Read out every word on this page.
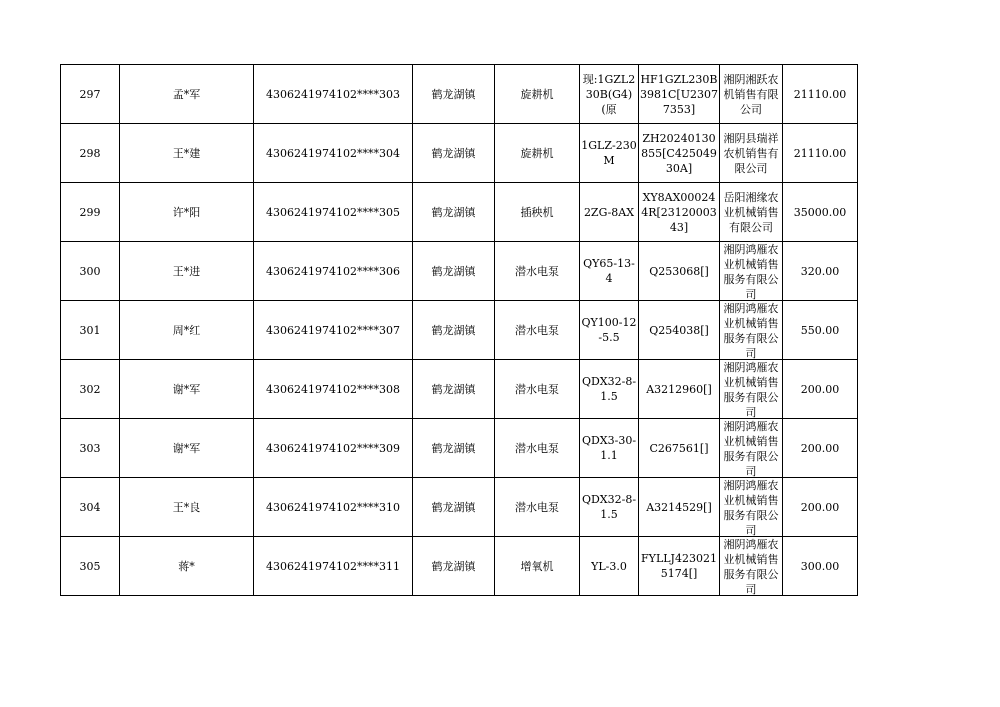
297	孟*军	4306241974102****303	鹤龙湖镇	旋耕机	现:1GZL230B(G4)(原	HF1GZL230B3981C[U23077353]	湘阴湘跃农机销售有限公司	21110.00
298	王*建	4306241974102****304	鹤龙湖镇	旋耕机	1GLZ-230M	ZH20240130855[C42504930A]	湘阴县瑞祥农机销售有限公司	21110.00
299	许*阳	4306241974102****305	鹤龙湖镇	插秧机	2ZG-8AX	XY8AX000244R[2312000343]	岳阳湘缘农业机械销售有限公司	35000.00
300	王*进	4306241974102****306	鹤龙湖镇	潜水电泵	QY65-13-4	Q253068[]	湘阴鸿雁农业机械销售服务有限公司	320.00
301	周*红	4306241974102****307	鹤龙湖镇	潜水电泵	QY100-12-5.5	Q254038[]	湘阴鸿雁农业机械销售服务有限公司	550.00
302	谢*军	4306241974102****308	鹤龙湖镇	潜水电泵	QDX32-8-1.5	A3212960[]	湘阴鸿雁农业机械销售服务有限公司	200.00
303	谢*军	4306241974102****309	鹤龙湖镇	潜水电泵	QDX3-30-1.1	C267561[]	湘阴鸿雁农业机械销售服务有限公司	200.00
304	王*良	4306241974102****310	鹤龙湖镇	潜水电泵	QDX32-8-1.5	A3214529[]	湘阴鸿雁农业机械销售服务有限公司	200.00
305	蒋*	4306241974102****311	鹤龙湖镇	增氧机	YL-3.0	FYLLJ4230215174[]	湘阴鸿雁农业机械销售服务有限公司	300.00
